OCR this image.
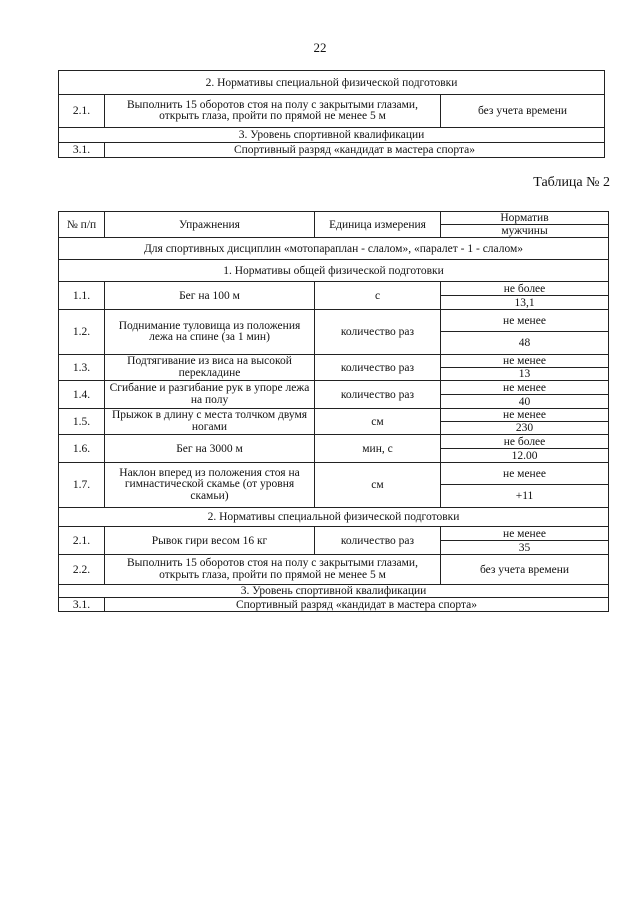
22
2. Нормативы специальной физической подготовки		
2.1.	Выполнить 15 оборотов стоя на полу с закрытыми глазами, открыть глаза, пройти по прямой не менее 5 м	без учета времени
3. Уровень спортивной квалификации		
3.1.	Спортивный разряд «кандидат в мастера спорта»	
Таблица № 2
№ п/п	Упражнения	Единица измерения	Норматив
			мужчины
Для спортивных дисциплин «мотопараплан - слалом», «паралет - 1 - слалом»			
1. Нормативы общей физической подготовки			
1.1.	Бег на 100 м	с	не более
			13,1
1.2.	Поднимание туловища из положения лежа на спине (за 1 мин)	количество раз	не менее
			48
1.3.	Подтягивание из виса на высокой перекладине	количество раз	не менее
			13
1.4.	Сгибание и разгибание рук в упоре лежа на полу	количество раз	не менее
			40
1.5.	Прыжок в длину с места толчком двумя ногами	см	не менее
			230
1.6.	Бег на 3000 м	мин, с	не более
			12.00
1.7.	Наклон вперед из положения стоя на гимнастической скамье (от уровня скамьи)	см	не менее
			+11
2. Нормативы специальной физической подготовки			
2.1.	Рывок гири весом 16 кг	количество раз	не менее
			35
2.2.	Выполнить 15 оборотов стоя на полу с закрытыми глазами, открыть глаза, пройти по прямой не менее 5 м		без учета времени
3. Уровень спортивной квалификации			
3.1.	Спортивный разряд «кандидат в мастера спорта»		
